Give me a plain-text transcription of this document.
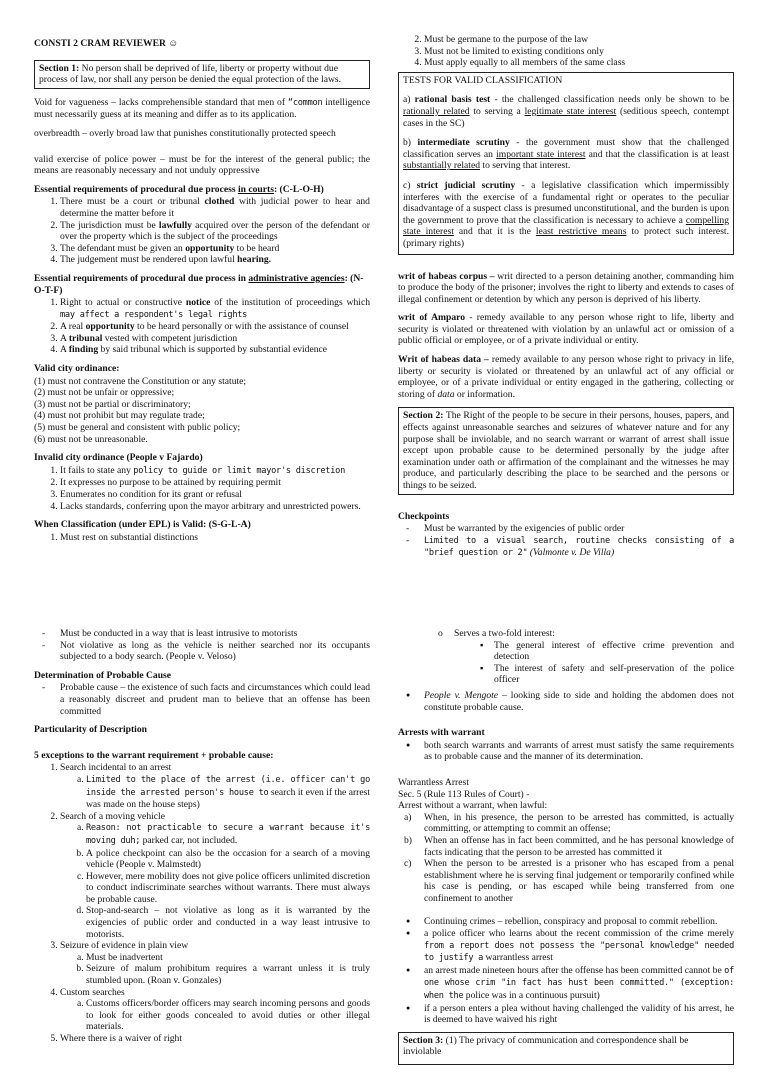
CONSTI 2 CRAM REVIEWER ☺
Section 1: No person shall be deprived of life, liberty or property without due process of law, nor shall any person be denied the equal protection of the laws.

Void for vagueness – lacks comprehensible standard that men of “common intelligence must necessarily guess at its meaning and differ as to its application.

overbreadth – overly broad law that punishes constitutionally protected speech

valid exercise of police power – must be for the interest of the general public; the means are reasonably necessary and not unduly oppressive

Essential requirements of procedural due process in courts: (C-L-O-H)
1. There must be a court or tribunal clothed with judicial power to hear and determine the matter before it
2. The jurisdiction must be lawfully acquired over the person of the defendant or over the property which is the subject of the proceedings
3. The defendant must be given an opportunity to be heard
4. The judgement must be rendered upon lawful hearing.
Essential requirements of procedural due process in administrative agencies: (N-O-T-F)
1. Right to actual or constructive notice of the institution of proceedings which may affect a respondent's legal rights
2. A real opportunity to be heard personally or with the assistance of counsel
3. A tribunal vested with competent jurisdiction
4. A finding by said tribunal which is supported by substantial evidence
Valid city ordinance:
(1) must not contravene the Constitution or any statute;
(2) must not be unfair or oppressive;
(3) must not be partial or discriminatory;
(4) must not prohibit but may regulate trade;
(5) must be general and consistent with public policy;
(6) must not be unreasonable.
Invalid city ordinance (People v Fajardo)
1. It fails to state any policy to guide or limit mayor's discretion
2. It expresses no purpose to be attained by requiring permit
3. Enumerates no condition for its grant or refusal
4. Lacks standards, conferring upon the mayor arbitrary and unrestricted powers.
When Classification (under EPL) is Valid: (S-G-L-A)
1. Must rest on substantial distinctions
2. Must be germane to the purpose of the law
3. Must not be limited to existing conditions only
4. Must apply equally to all members of the same class
TESTS FOR VALID CLASSIFICATION

a) rational basis test - the challenged classification needs only be shown to be rationally related to serving a legitimate state interest (seditious speech, contempt cases in the SC)

b) intermediate scrutiny - the government must show that the challenged classification serves an important state interest and that the classification is at least substantially related to serving that interest.

c) strict judicial scrutiny - a legislative classification which impermissibly interferes with the exercise of a fundamental right or operates to the peculiar disadvantage of a suspect class is presumed unconstitutional, and the burden is upon the government to prove that the classification is necessary to achieve a compelling state interest and that it is the least restrictive means to protect such interest. (primary rights)

writ of habeas corpus – writ directed to a person detaining another, commanding him to produce the body of the prisoner; involves the right to liberty and extends to cases of illegal confinement or detention by which any person is deprived of his liberty.

writ of Amparo - remedy available to any person whose right to life, liberty and security is violated or threatened with violation by an unlawful act or omission of a public official or employee, or of a private individual or entity.

Writ of habeas data – remedy available to any person whose right to privacy in life, liberty or security is violated or threatened by an unlawful act of any official or employee, or of a private individual or entity engaged in the gathering, collecting or storing of data or information.

Section 2: The Right of the people to be secure in their persons, houses, papers, and effects against unreasonable searches and seizures of whatever nature and for any purpose shall be inviolable, and no search warrant or warrant of arrest shall issue except upon probable cause to be determined personally by the judge after examination under oath or affirmation of the complainant and the witnesses he may produce, and particularly describing the place to be searched and the persons or things to be seized.

Checkpoints
- Must be warranted by the exigencies of public order
- Limited to a visual search, routine checks consisting of a "brief question or 2" (Valmonte v. De Villa)
- Must be conducted in a way that is least intrusive to motorists
- Not violative as long as the vehicle is neither searched nor its occupants subjected to a body search. (People v. Veloso)
Determination of Probable Cause
- Probable cause – the existence of such facts and circumstances which could lead a reasonably discreet and prudent man to believe that an offense has been committed
Particularity of Description
5 exceptions to the warrant requirement + probable cause:
1. Search incidental to an arrest
a. Limited to the place of the arrest (i.e. officer can't go inside the arrested person's house to search it even if the arrest was made on the house steps)
2. Search of a moving vehicle
a. Reason: not practicable to secure a warrant because it's moving duh; parked car, not included.
b. A police checkpoint can also be the occasion for a search of a moving vehicle (People v. Malmstedt)
c. However, mere mobility does not give police officers unlimited discretion to conduct indiscriminate searches without warrants. There must always be probable cause.
d. Stop-and-search – not violative as long as it is warranted by the exigencies of public order and conducted in a way least intrusive to motorists.
3. Seizure of evidence in plain view
a. Must be inadvertent
b. Seizure of malum prohibitum requires a warrant unless it is truly stumbled upon. (Roan v. Gonzales)
4. Custom searches
a. Customs officers/border officers may search incoming persons and goods to look for either goods concealed to avoid duties or other illegal materials.
5. Where there is a waiver of right
o Serves a two-fold interest:
▪ The general interest of effective crime prevention and detection
▪ The interest of safety and self-preservation of the police officer
● People v. Mengote – looking side to side and holding the abdomen does not constitute probable cause.
Arrests with warrant
● both search warrants and warrants of arrest must satisfy the same requirements as to probable cause and the manner of its determination.
Warrantless Arrest
Sec. 5 (Rule 113 Rules of Court) -
Arrest without a warrant, when lawful:
a) When, in his presence, the person to be arrested has committed, is actually committing, or attempting to commit an offense;
b) When an offense has in fact been committed, and he has personal knowledge of facts indicating that the person to be arrested has committed it
c) When the person to be arrested is a prisoner who has escaped from a penal establishment where he is serving final judgement or temporarily confined while his case is pending, or has escaped while being transferred from one confinement to another
● Continuing crimes – rebellion, conspiracy and proposal to commit rebellion.
● a police officer who learns about the recent commission of the crime merely from a report does not possess the "personal knowledge" needed to justify a warrantless arrest
● an arrest made nineteen hours after the offense has been committed cannot be of one whose crim "in fact has hust been committed." (exception: when the police was in a continuous pursuit)
● if a person enters a plea without having challenged the validity of his arrest, he is deemed to have waived his right
Section 3: (1) The privacy of communication and correspondence shall be inviolable
